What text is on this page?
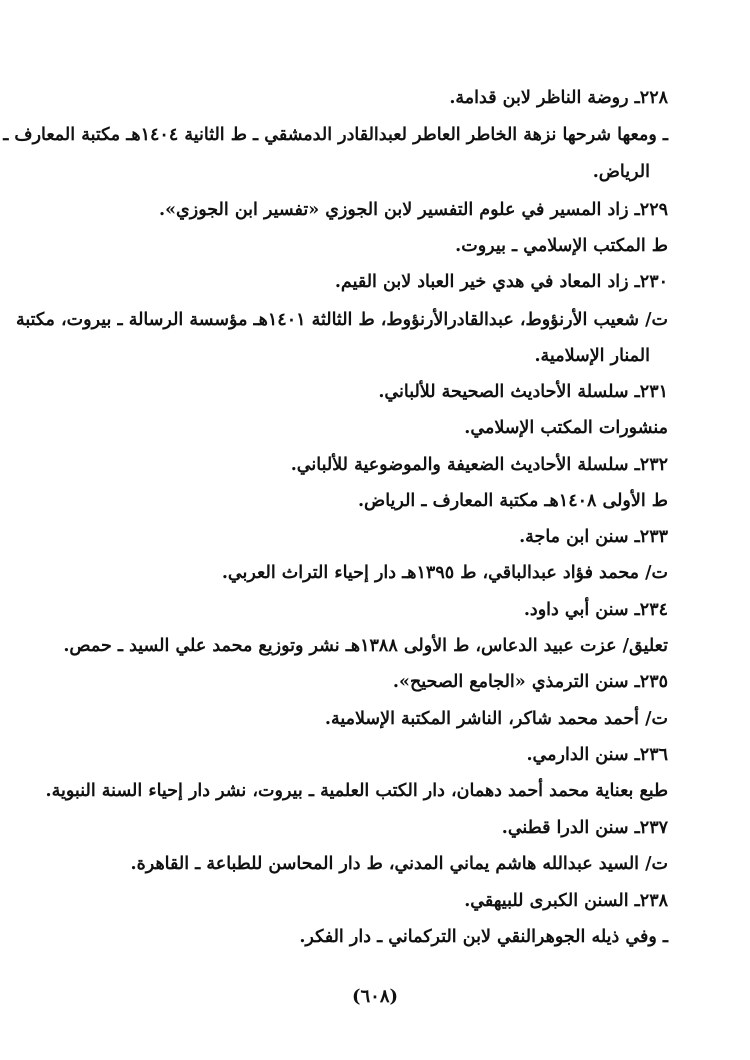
٢٢٨ـ روضة الناظر لابن قدامة.
ـ ومعها شرحها نزهة الخاطر العاطر لعبدالقادر الدمشقي ـ ط الثانية ١٤٠٤هـ مكتبة المعارف ـ
الرياض.
٢٢٩ـ زاد المسير في علوم التفسير لابن الجوزي «تفسير ابن الجوزي».
ط المكتب الإسلامي ـ بيروت.
٢٣٠ـ زاد المعاد في هدي خير العباد لابن القيم.
ت/ شعيب الأرنؤوط، عبدالقادرالأرنؤوط، ط الثالثة ١٤٠١هـ مؤسسة الرسالة ـ بيروت، مكتبة
المنار الإسلامية.
٢٣١ـ سلسلة الأحاديث الصحيحة للألباني.
منشورات المكتب الإسلامي.
٢٣٢ـ سلسلة الأحاديث الضعيفة والموضوعية للألباني.
ط الأولى ١٤٠٨هـ مكتبة المعارف ـ الرياض.
٢٣٣ـ سنن ابن ماجة.
ت/ محمد فؤاد عبدالباقي، ط ١٣٩٥هـ دار إحياء التراث العربي.
٢٣٤ـ سنن أبي داود.
تعليق/ عزت عبيد الدعاس، ط الأولى ١٣٨٨هـ نشر وتوزيع محمد علي السيد ـ حمص.
٢٣٥ـ سنن الترمذي «الجامع الصحيح».
ت/ أحمد محمد شاكر، الناشر المكتبة الإسلامية.
٢٣٦ـ سنن الدارمي.
طبع بعناية محمد أحمد دهمان، دار الكتب العلمية ـ بيروت، نشر دار إحياء السنة النبوية.
٢٣٧ـ سنن الدرا قطني.
ت/ السيد عبدالله هاشم يماني المدني، ط دار المحاسن للطباعة ـ القاهرة.
٢٣٨ـ السنن الكبرى للبيهقي.
ـ وفي ذيله الجوهرالنقي لابن التركماني ـ دار الفكر.
(٦٠٨)
